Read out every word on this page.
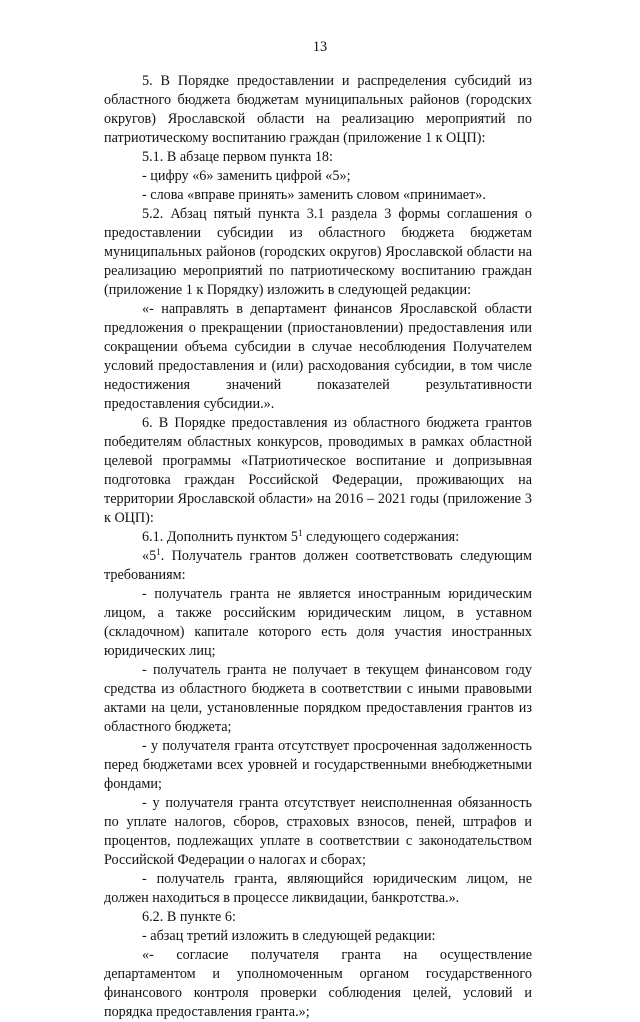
13

5. В Порядке предоставлении и распределения субсидий из областного бюджета бюджетам муниципальных районов (городских округов) Ярославской области на реализацию мероприятий по патриотическому воспитанию граждан (приложение 1 к ОЦП):

5.1. В абзаце первом пункта 18:

- цифру «6» заменить цифрой «5»;

- слова «вправе принять» заменить словом «принимает».

5.2. Абзац пятый пункта 3.1 раздела 3 формы соглашения о предоставлении субсидии из областного бюджета бюджетам муниципальных районов (городских округов) Ярославской области на реализацию мероприятий по патриотическому воспитанию граждан (приложение 1 к Порядку) изложить в следующей редакции:

«- направлять в департамент финансов Ярославской области предложения о прекращении (приостановлении) предоставления или сокращении объема субсидии в случае несоблюдения Получателем условий предоставления и (или) расходования субсидии, в том числе недостижения значений показателей результативности предоставления субсидии.».

6. В Порядке предоставления из областного бюджета грантов победителям областных конкурсов, проводимых в рамках областной целевой программы «Патриотическое воспитание и допризывная подготовка граждан Российской Федерации, проживающих на территории Ярославской области» на 2016 – 2021 годы (приложение 3 к ОЦП):

6.1. Дополнить пунктом $5^1$ следующего содержания:

«$5^1$. Получатель грантов должен соответствовать следующим требованиям:

- получатель гранта не является иностранным юридическим лицом, а также российским юридическим лицом, в уставном (складочном) капитале которого есть доля участия иностранных юридических лиц;

- получатель гранта не получает в текущем финансовом году средства из областного бюджета в соответствии с иными правовыми актами на цели, установленные порядком предоставления грантов из областного бюджета;

- у получателя гранта отсутствует просроченная задолженность перед бюджетами всех уровней и государственными внебюджетными фондами;

- у получателя гранта отсутствует неисполненная обязанность по уплате налогов, сборов, страховых взносов, пеней, штрафов и процентов, подлежащих уплате в соответствии с законодательством Российской Федерации о налогах и сборах;

- получатель гранта, являющийся юридическим лицом, не должен находиться в процессе ликвидации, банкротства.».

6.2. В пункте 6:

- абзац третий изложить в следующей редакции:

«- согласие получателя гранта на осуществление департаментом и уполномоченным органом государственного финансового контроля проверки соблюдения целей, условий и порядка предоставления гранта.»;
